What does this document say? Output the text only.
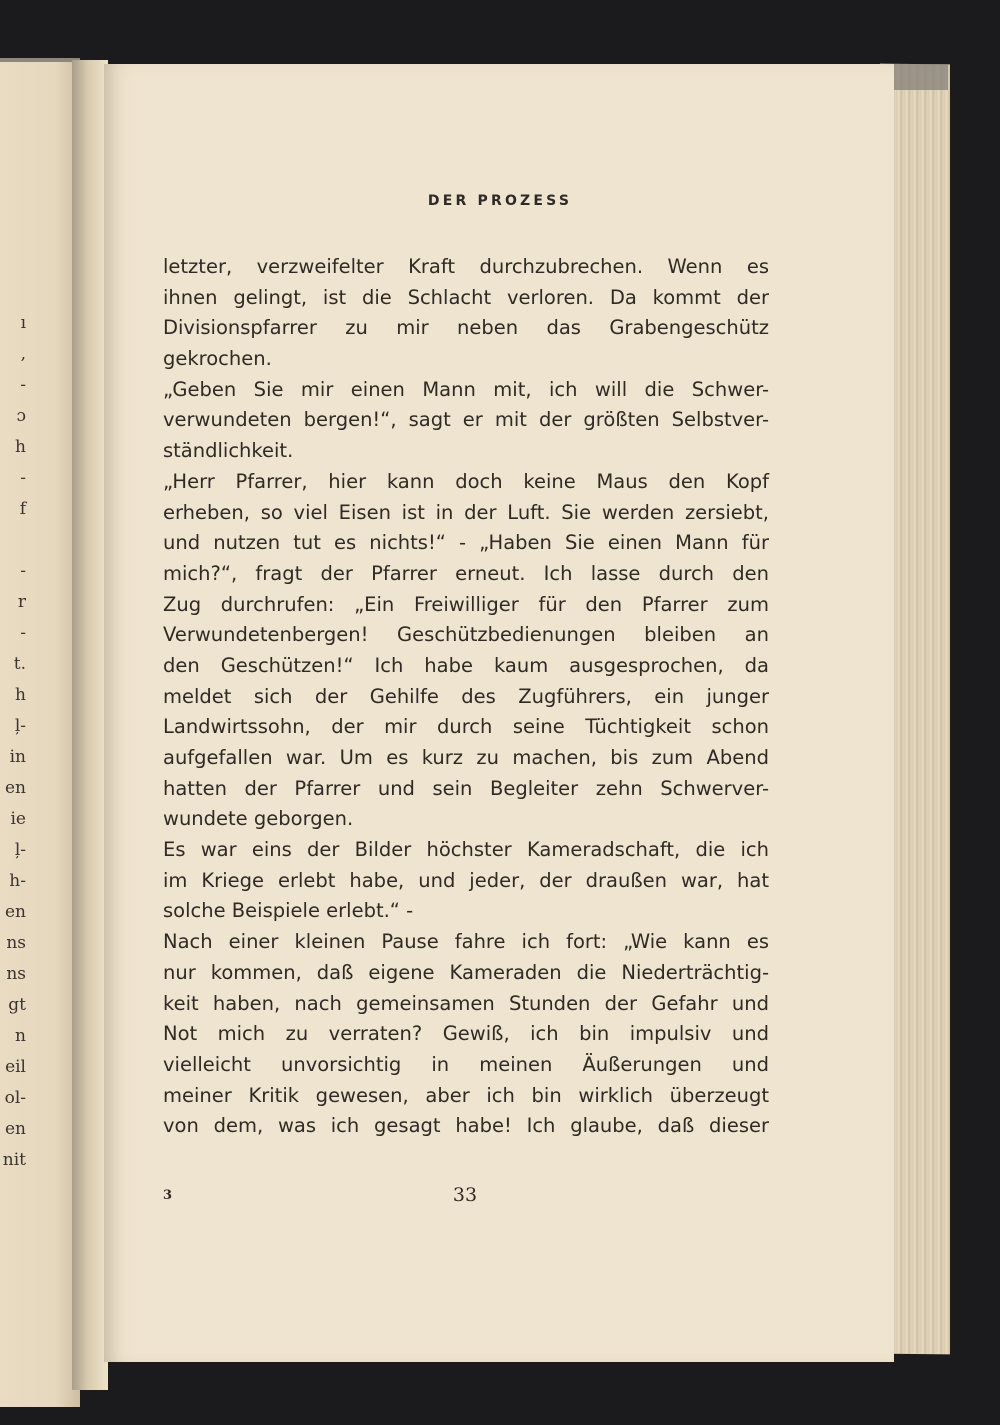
ı
,
-
ɔ
h
-
f
-
r
-
t.
h
ļ-
in
en
ie
ļ-
h-
en
ns
ns
gt
n
eil
ol-
en
nit
DER PROZESS
letzter, verzweifelter Kraft durchzubrechen. Wenn es
ihnen gelingt, ist die Schlacht verloren. Da kommt der
Divisionspfarrer zu mir neben das Grabengeschütz
gekrochen.
„Geben Sie mir einen Mann mit, ich will die Schwer-
verwundeten bergen!“, sagt er mit der größten Selbstver-
ständlichkeit.
„Herr Pfarrer, hier kann doch keine Maus den Kopf
erheben, so viel Eisen ist in der Luft. Sie werden zersiebt,
und nutzen tut es nichts!“ - „Haben Sie einen Mann für
mich?“, fragt der Pfarrer erneut. Ich lasse durch den
Zug durchrufen: „Ein Freiwilliger für den Pfarrer zum
Verwundetenbergen! Geschützbedienungen bleiben an
den Geschützen!“ Ich habe kaum ausgesprochen, da
meldet sich der Gehilfe des Zugführers, ein junger
Landwirtssohn, der mir durch seine Tüchtigkeit schon
aufgefallen war. Um es kurz zu machen, bis zum Abend
hatten der Pfarrer und sein Begleiter zehn Schwerver-
wundete geborgen.
Es war eins der Bilder höchster Kameradschaft, die ich
im Kriege erlebt habe, und jeder, der draußen war, hat
solche Beispiele erlebt.“ -
Nach einer kleinen Pause fahre ich fort: „Wie kann es
nur kommen, daß eigene Kameraden die Niederträchtig-
keit haben, nach gemeinsamen Stunden der Gefahr und
Not mich zu verraten? Gewiß, ich bin impulsiv und
vielleicht unvorsichtig in meinen Äußerungen und
meiner Kritik gewesen, aber ich bin wirklich überzeugt
von dem, was ich gesagt habe! Ich glaube, daß dieser
3	33
